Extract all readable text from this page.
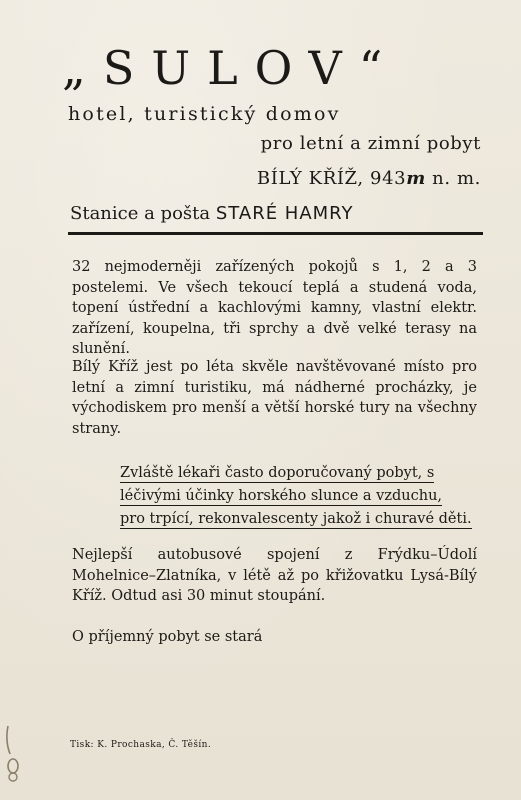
„SULOV“
hotel, turistický domov
pro letní a zimní pobyt
BÍLÝ KŘÍŽ, 943m n. m.
Stanice a pošta STARÉ HAMRY
32 nejmoderněji zařízených pokojů s 1, 2 a 3 postelemi. Ve všech tekoucí teplá a studená voda, topení ústřední a kachlovými kamny, vlastní elektr. zařízení, koupelna, tři sprchy a dvě velké terasy na slunění.
Bílý Kříž jest po léta skvěle navštěvované místo pro letní a zimní turistiku, má nádherné procházky, je východiskem pro menší a větší horské tury na všechny strany.
Zvláště lékaři často doporučovaný pobyt, s
léčivými účinky horského slunce a vzduchu,
pro trpící, rekonvalescenty jakož i churavé děti.
Nejlepší autobusové spojení z Frýdku–Údolí Mohelnice–Zlatníka, v létě až po křižovatku Lysá-Bílý Kříž. Odtud asi 30 minut stoupání.
O příjemný pobyt se stará
Tisk: K. Prochaska, Č. Těšín.
